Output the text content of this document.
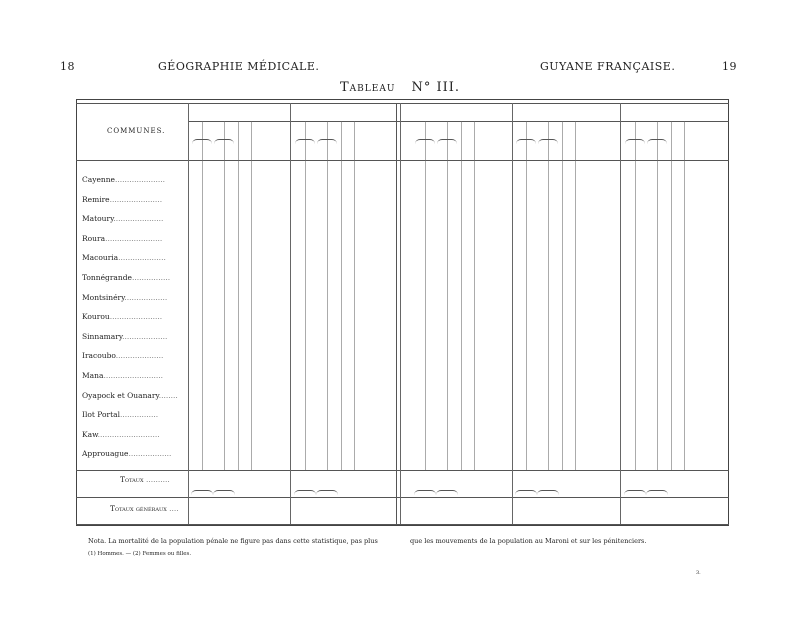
18	GÉOGRAPHIE MÉDICALE.	GUYANE FRANÇAISE.	19
Tableau N° III.
COMMUNES.
Cayenne.....................
Remire......................
Matoury.....................
Roura........................
Macouria....................
Tonnégrande................
Montsinéry..................
Kourou......................
Sinnamary...................
Iracoubo....................
Mana.........................
Oyapock et Ouanary........
Ilot Portal................
Kaw..........................
Approuague..................
Totaux ..........
Totaux généraux ....
Nota. La mortalité de la population pénale ne figure pas dans cette statistique, pas plus	que les mouvements de la population au Maroni et sur les pénitenciers.
(1) Hommes. — (2) Femmes ou filles.
3.
